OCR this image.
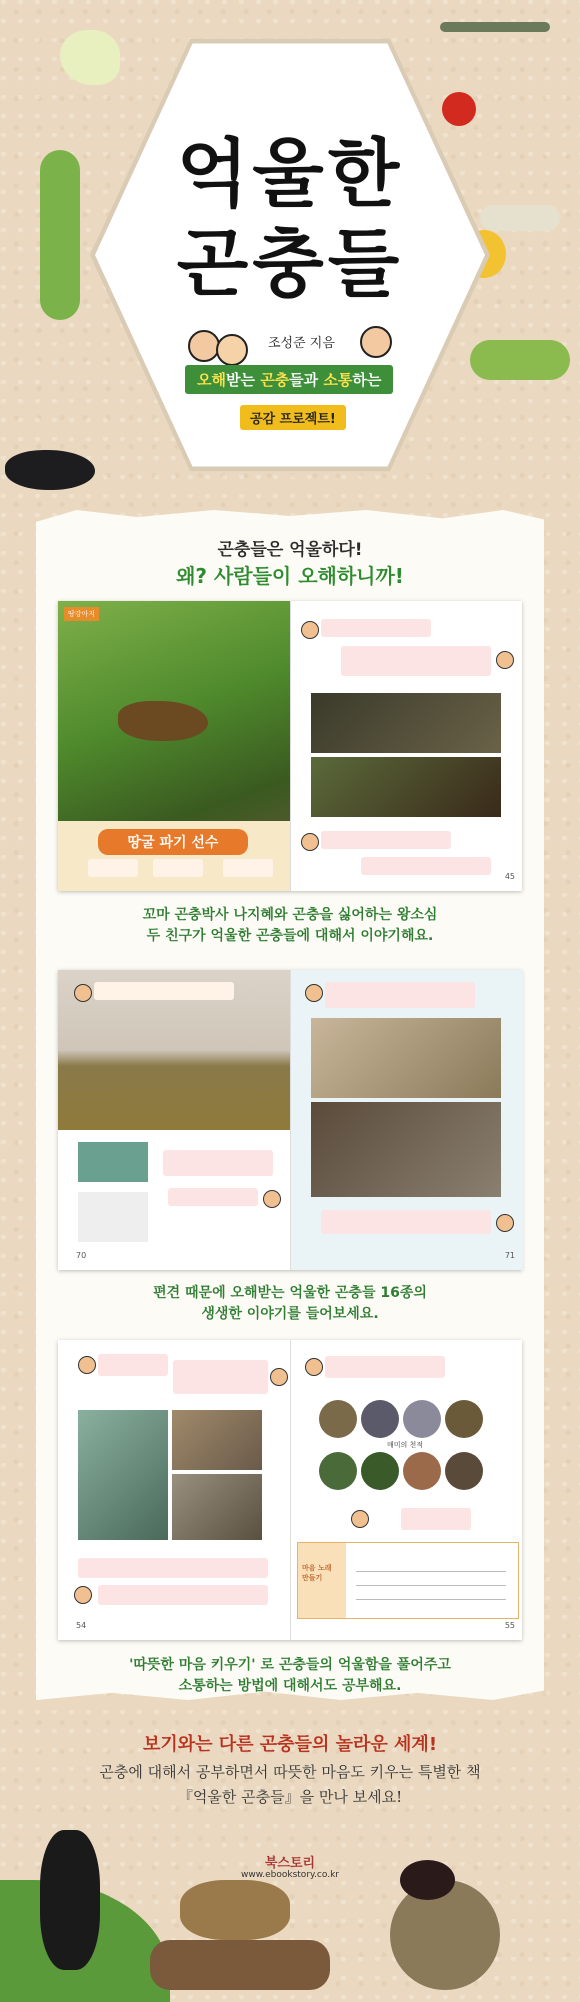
억울한
곤충들
조성준 지음
오해받는 곤충들과 소통하는
공감 프로젝트!
곤충들은 억울하다!
왜? 사람들이 오해하니까!
땅강아지
땅굴 파기 선수
45
꼬마 곤충박사 나지혜와 곤충을 싫어하는 왕소심
두 친구가 억울한 곤충들에 대해서 이야기해요.
70	71
편견 때문에 오해받는 억울한 곤충들 16종의
생생한 이야기를 들어보세요.
54
매미의 천적
마음 노래
만들기
55
'따뜻한 마음 키우기' 로 곤충들의 억울함을 풀어주고
소통하는 방법에 대해서도 공부해요.
보기와는 다른 곤충들의 놀라운 세계!
곤충에 대해서 공부하면서 따뜻한 마음도 키우는 특별한 책
『억울한 곤충들』을 만나 보세요!
북스토리
www.ebookstory.co.kr
